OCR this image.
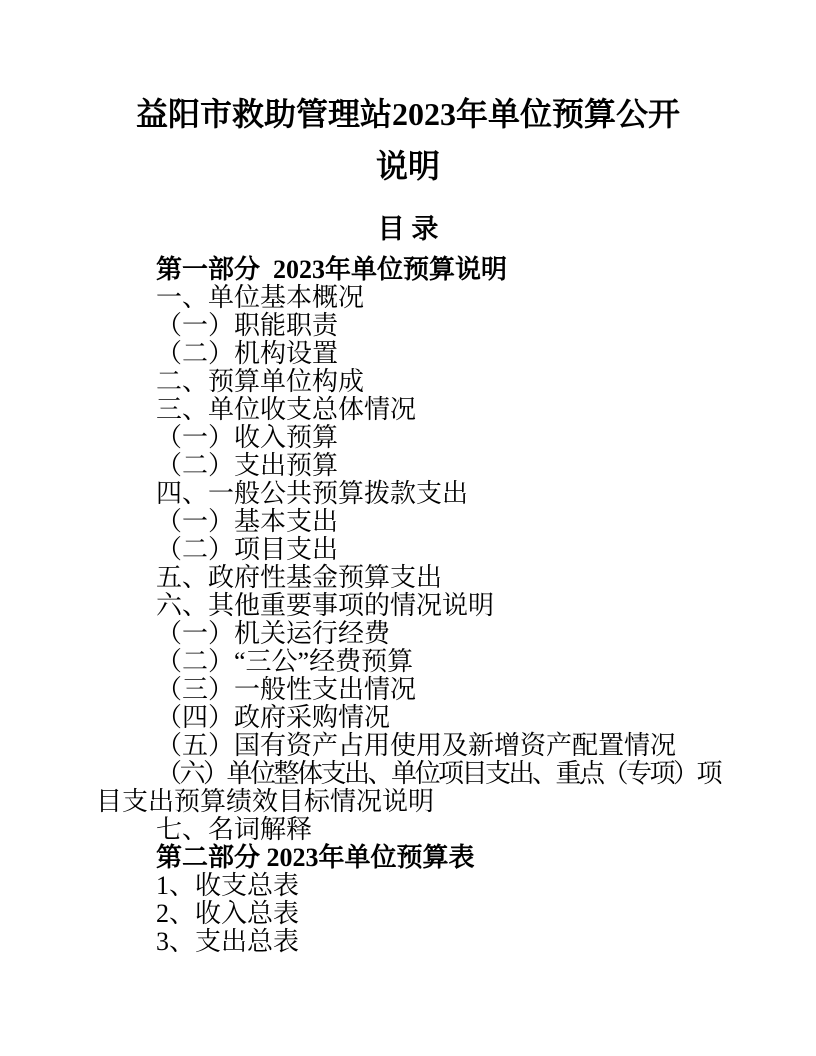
益阳市救助管理站2023年单位预算公开
说明
目 录
第一部分  2023年单位预算说明
一、单位基本概况
（一）职能职责
（二）机构设置
二、预算单位构成
三、单位收支总体情况
（一）收入预算
（二）支出预算
四、一般公共预算拨款支出
（一）基本支出
（二）项目支出
五、政府性基金预算支出
六、其他重要事项的情况说明
（一）机关运行经费
（二）“三公”经费预算
（三）一般性支出情况
（四）政府采购情况
（五）国有资产占用使用及新增资产配置情况
（六）单位整体支出、单位项目支出、重点（专项）项
目支出预算绩效目标情况说明
七、名词解释
第二部分 2023年单位预算表
1、收支总表
2、收入总表
3、支出总表
